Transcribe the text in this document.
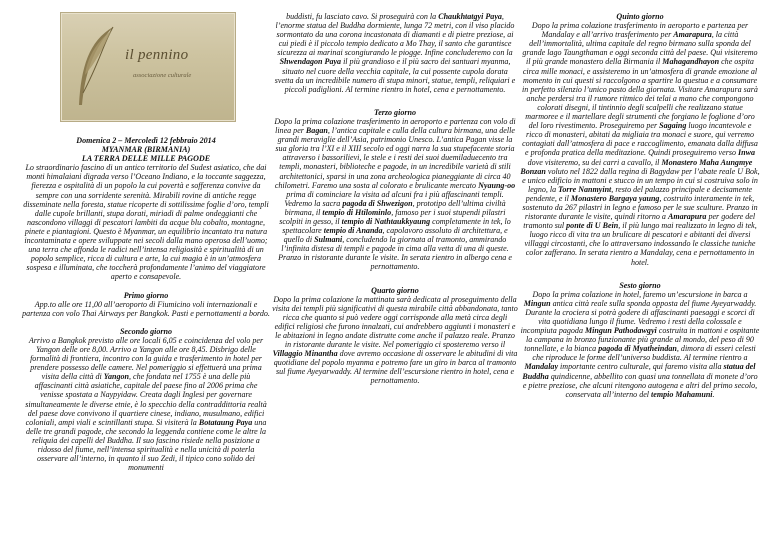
il pennino
associazione culturale

Domenica 2 – Mercoledì 12 febbraio 2014

MYANMAR (BIRMANIA)

LA TERRA DELLE MILLE PAGODE

Lo straordinario fascino di un antico territorio del Sudest asiatico, che dai monti himalaiani digrada verso l’Oceano Indiano, e la toccante saggezza, fierezza e ospitalità di un popolo la cui povertà e sofferenza convive da sempre con una sorridente serenità. Mirabili rovine di antiche regge disseminate nella foresta, statue ricoperte di sottilissime foglie d’oro, templi dalle cupole brillanti, stupa dorati, miriadi di palme ondeggianti che nascondono villaggi di pescatori lambiti da acque blu cobalto, montagne, pinete e piantagioni. Questo è Myanmar, un equilibrio incantato tra natura incontaminata e opere sviluppate nei secoli dalla mano operosa dell’uomo; una terra che affonda le radici nell’intensa religiosità e spiritualità di un popolo semplice, ricca di cultura e arte, la cui magia è in un’atmosfera sospesa e illuminata, che toccherà profondamente l’animo del viaggiatore aperto e consapevole.

Primo giorno

App.to alle ore 11,00 all’aeroporto di Fiumicino voli internazionali e partenza con volo Thai Airways per Bangkok. Pasti e pernottamenti a bordo.

Secondo giorno

Arrivo a Bangkok previsto alle ore locali 6,05 e coincidenza del volo per Yangon delle ore 8,00. Arrivo a Yangon alle ore 8,45. Disbrigo delle formalità di frontiera, incontro con la guida e trasferimento in hotel per prendere possesso delle camere. Nel pomeriggio si effettuerà una prima visita della città di Yangon, che fondata nel 1755 è una delle più affascinanti città asiatiche, capitale del paese fino al 2006 prima che venisse spostata a Naypyidaw. Creata dagli Inglesi per governare simultaneamente le diverse etnie, è lo specchio della contraddittoria realtà del paese dove convivono il quartiere cinese, indiano, musulmano, edifici coloniali, ampi viali e scintillanti stupa. Si visiterà la Botataung Paya una delle tre grandi pagode, che secondo la leggenda contiene come le altre la reliquia dei capelli del Buddha. Il suo fascino risiede nella posizione a ridosso del fiume, nell’intensa spiritualità e nella unicità di poterla osservare all’interno, in quanto il suo Zedi, il tipico cono solido dei monumenti

buddisti, fu lasciato cavo. Si proseguirà con la Chaukhtatgyi Paya, l’enorme statua del Buddha dormiente, lunga 72 metri, con il viso placido sormontato da una corona incastonata di diamanti e di pietre preziose, ai cui piedi è il piccolo tempio dedicato a Mo Thay, il santo che garantisce sicurezza ai marinai scongiurando le piogge. Infine concluderemo con la Shwendagon Paya il più grandioso e il più sacro dei santuari myanma, situato nel cuore della vecchia capitale, la cui possente cupola dorata svetta da un incredibile numero di stupa minori, statue, templi, reliquiari e piccoli padiglioni. Al termine rientro in hotel, cena e pernottamento.

Terzo giorno

Dopo la prima colazione trasferimento in aeroporto e partenza con volo di linea per Bagan, l’antica capitale e culla della cultura birmana, una delle grandi meraviglie dell’Asia, patrimonio Unesco. L’antica Pagan visse la sua gloria tra l’XI e il XIII secolo ed oggi narra la sua stupefacente storia attraverso i bassorilievi, le stele e i resti dei suoi duemiladuecento tra templi, monasteri, biblioteche e pagode, in un incredibile varietà di stili architettonici, sparsi in una zona archeologica pianeggiante di circa 40 chilometri. Faremo una sosta al colorato e brulicante mercato Nyaung-oo prima di cominciare la visita ad alcuni fra i più affascinanti templi. Vedremo la sacra pagoda di Shwezigon, prototipo dell’ultima civiltà birmana, il tempio di Htilominlo, famoso per i suoi stupendi pilastri scolpiti in gesso, il tempio di Nathtaukkyaung completamente in tek, lo spettacolare tempio di Ananda, capolavoro assoluto di architettura, e quello di Sulmani, concludendo la giornata al tramonto, ammirando l’infinita distesa di templi e pagode in cima alla vetta di una di queste. Pranzo in ristorante durante le visite. In serata rientro in albergo cena e pernottamento.

Quarto giorno

Dopo la prima colazione la mattinata sarà dedicata al proseguimento della visita dei templi più significativi di questa mirabile città abbandonata, tanto ricca che quanto si può vedere oggi corrisponde alla metà circa degli edifici religiosi che furono innalzati, cui andrebbero aggiunti i monasteri e le abitazioni in legno andate distrutte come anche il palazzo reale. Pranzo in ristorante durante le visite. Nel pomeriggio ci sposteremo verso il Villaggio Minantha dove avremo occasione di osservare le abitudini di vita quotidiane del popolo myanma e potremo fare un giro in barca al tramonto sul fiume Ayeyarwaddy. Al termine dell’escursione rientro in hotel, cena e pernottamento.

Quinto giorno

Dopo la prima colazione trasferimento in aeroporto e partenza per Mandalay e all’arrivo trasferimento per Amarapura, la città dell’immortalità, ultima capitale del regno birmano sulla sponda del grande lago Taungthaman e oggi seconda città del paese. Qui visiteremo il più grande monastero della Birmania il Mahagandhayon che ospita circa mille monaci, e assisteremo in un’atmosfera di grande emozione al momento in cui questi si raccolgono a spartire la questua e a consumare in perfetto silenzio l’unico pasto della giornata. Visitare Amarapura sarà anche perdersi tra il rumore ritmico dei telai a mano che compongono colorati disegni, il tintinnio degli scalpelli che realizzano statue marmoree e il martellare degli strumenti che forgiano le foglione d’oro del loro rivestimento. Proseguiremo per Sagaing luogo incantevole e ricco di monasteri, abitati da migliaia tra monaci e suore, qui verremo contagiati dall’atmosfera di pace e raccoglimento, emanata dalla diffusa e profonda pratica della meditazione. Quindi proseguiremo verso Inwa dove visiteremo, su dei carri a cavallo, il Monastero Maha Aungmye Bonzan voluto nel 1822 dalla regina di Bagydaw per l’abate reale U Bok, e unico edificio in mattoni e stucco in un tempo in cui si costruiva solo in legno, la Torre Nanmyint, resto del palazzo principale e decisamente pendente, e il Monastero Bargaya yaung, costruito interamente in tek, sostenuto da 267 pilastri in legno e famoso per le sue sculture. Pranzo in ristorante durante le visite, quindi ritorno a Amarapura per godere del tramonto sul ponte di U Bein, il più lungo mai realizzato in legno di tek, luogo ricco di vita tra un brulicare di pescatori e abitanti dei diversi villaggi circostanti, che lo attraversano indossando le classiche tuniche color zafferano. In serata rientro a Mandalay, cena e pernottamento in hotel.

Sesto giorno

Dopo la prima colazione in hotel, faremo un’escursione in barca a Mingun antica città reale sulla sponda opposta del fiume Ayeyarwaddy. Durante la crociera si potrà godere di affascinanti paesaggi e scorci di vita quotidiana lungo il fiume. Vedremo i resti della colossale e incompiuta pagoda Mingun Pathodawgyi costruita in mattoni e ospitante la campana in bronzo funzionante più grande al mondo, del peso di 90 tonnellate, e la bianca pagoda di Myatheindan, dimora di esseri celesti che riproduce le forme dell’universo buddista. Al termine rientro a Mandalay importante centro culturale, qui faremo visita alla statua del Buddha quindicenne, abbellito con quasi una tonnellata di monete d’oro e pietre preziose, che alcuni ritengono autogena e altri del primo secolo, conservata all’interno del tempio Mahamuni.
